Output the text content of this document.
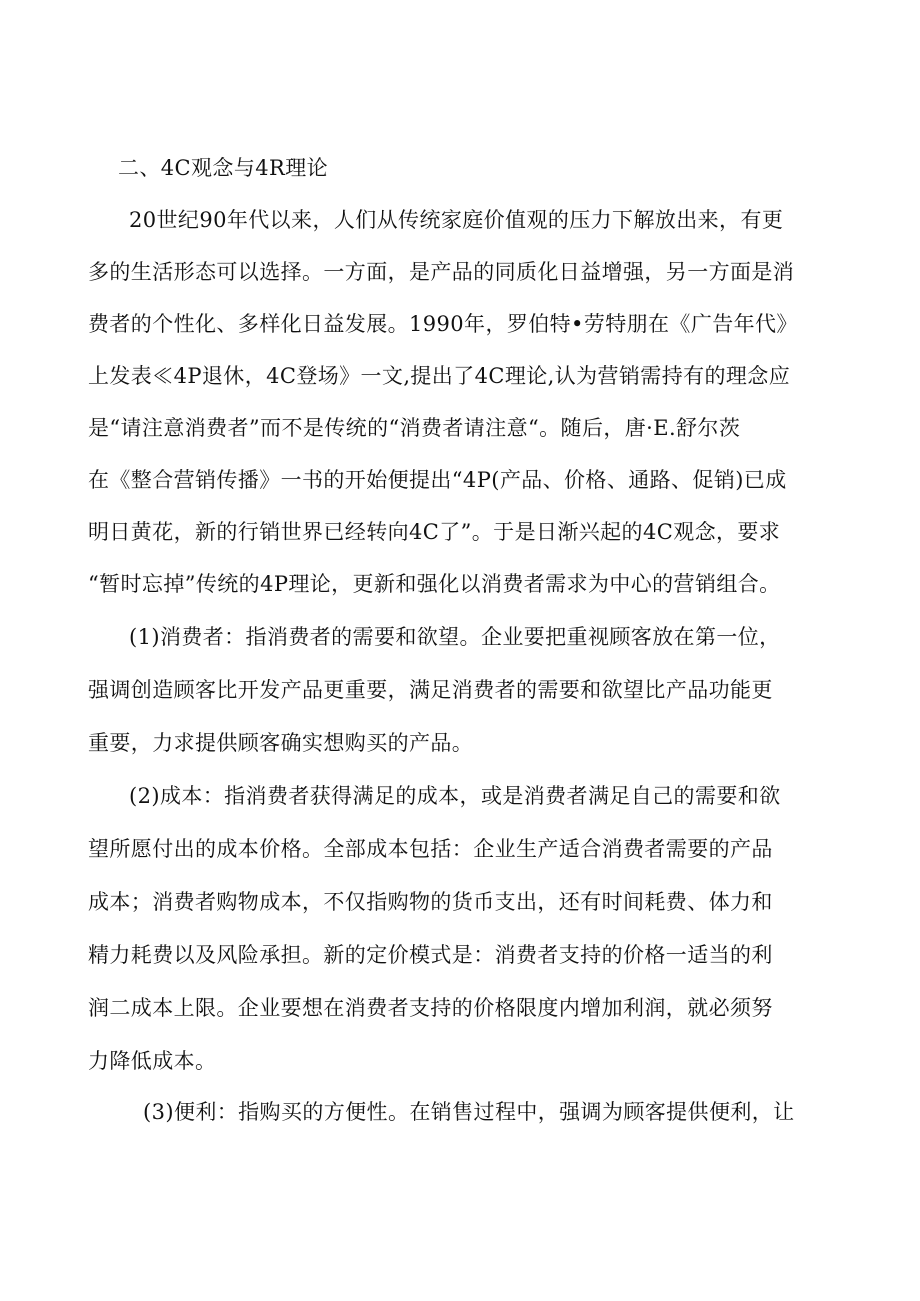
二、4C观念与4R理论
20世纪90年代以来，人们从传统家庭价值观的压力下解放出来，有更
多的生活形态可以选择。一方面，是产品的同质化日益增强，另一方面是消
费者的个性化、多样化日益发展。1990年，罗伯特•劳特朋在《广告年代》
上发表≪4P退休，4C登场》一文,提出了4C理论,认为营销需持有的理念应
是“请注意消费者”而不是传统的“消费者请注意“。随后，唐·E.舒尔茨
在《整合营销传播》一书的开始便提出“4P(产品、价格、通路、促销)已成
明日黄花，新的行销世界已经转向4C了”。于是日渐兴起的4C观念，要求
“暂时忘掉”传统的4P理论，更新和强化以消费者需求为中心的营销组合。
(1)消费者：指消费者的需要和欲望。企业要把重视顾客放在第一位，
强调创造顾客比开发产品更重要，满足消费者的需要和欲望比产品功能更
重要，力求提供顾客确实想购买的产品。
(2)成本：指消费者获得满足的成本，或是消费者满足自己的需要和欲
望所愿付出的成本价格。全部成本包括：企业生产适合消费者需要的产品
成本；消费者购物成本，不仅指购物的货币支出，还有时间耗费、体力和
精力耗费以及风险承担。新的定价模式是：消费者支持的价格一适当的利
润二成本上限。企业要想在消费者支持的价格限度内增加利润，就必须努
力降低成本。
(3)便利：指购买的方便性。在销售过程中，强调为顾客提供便利，让
